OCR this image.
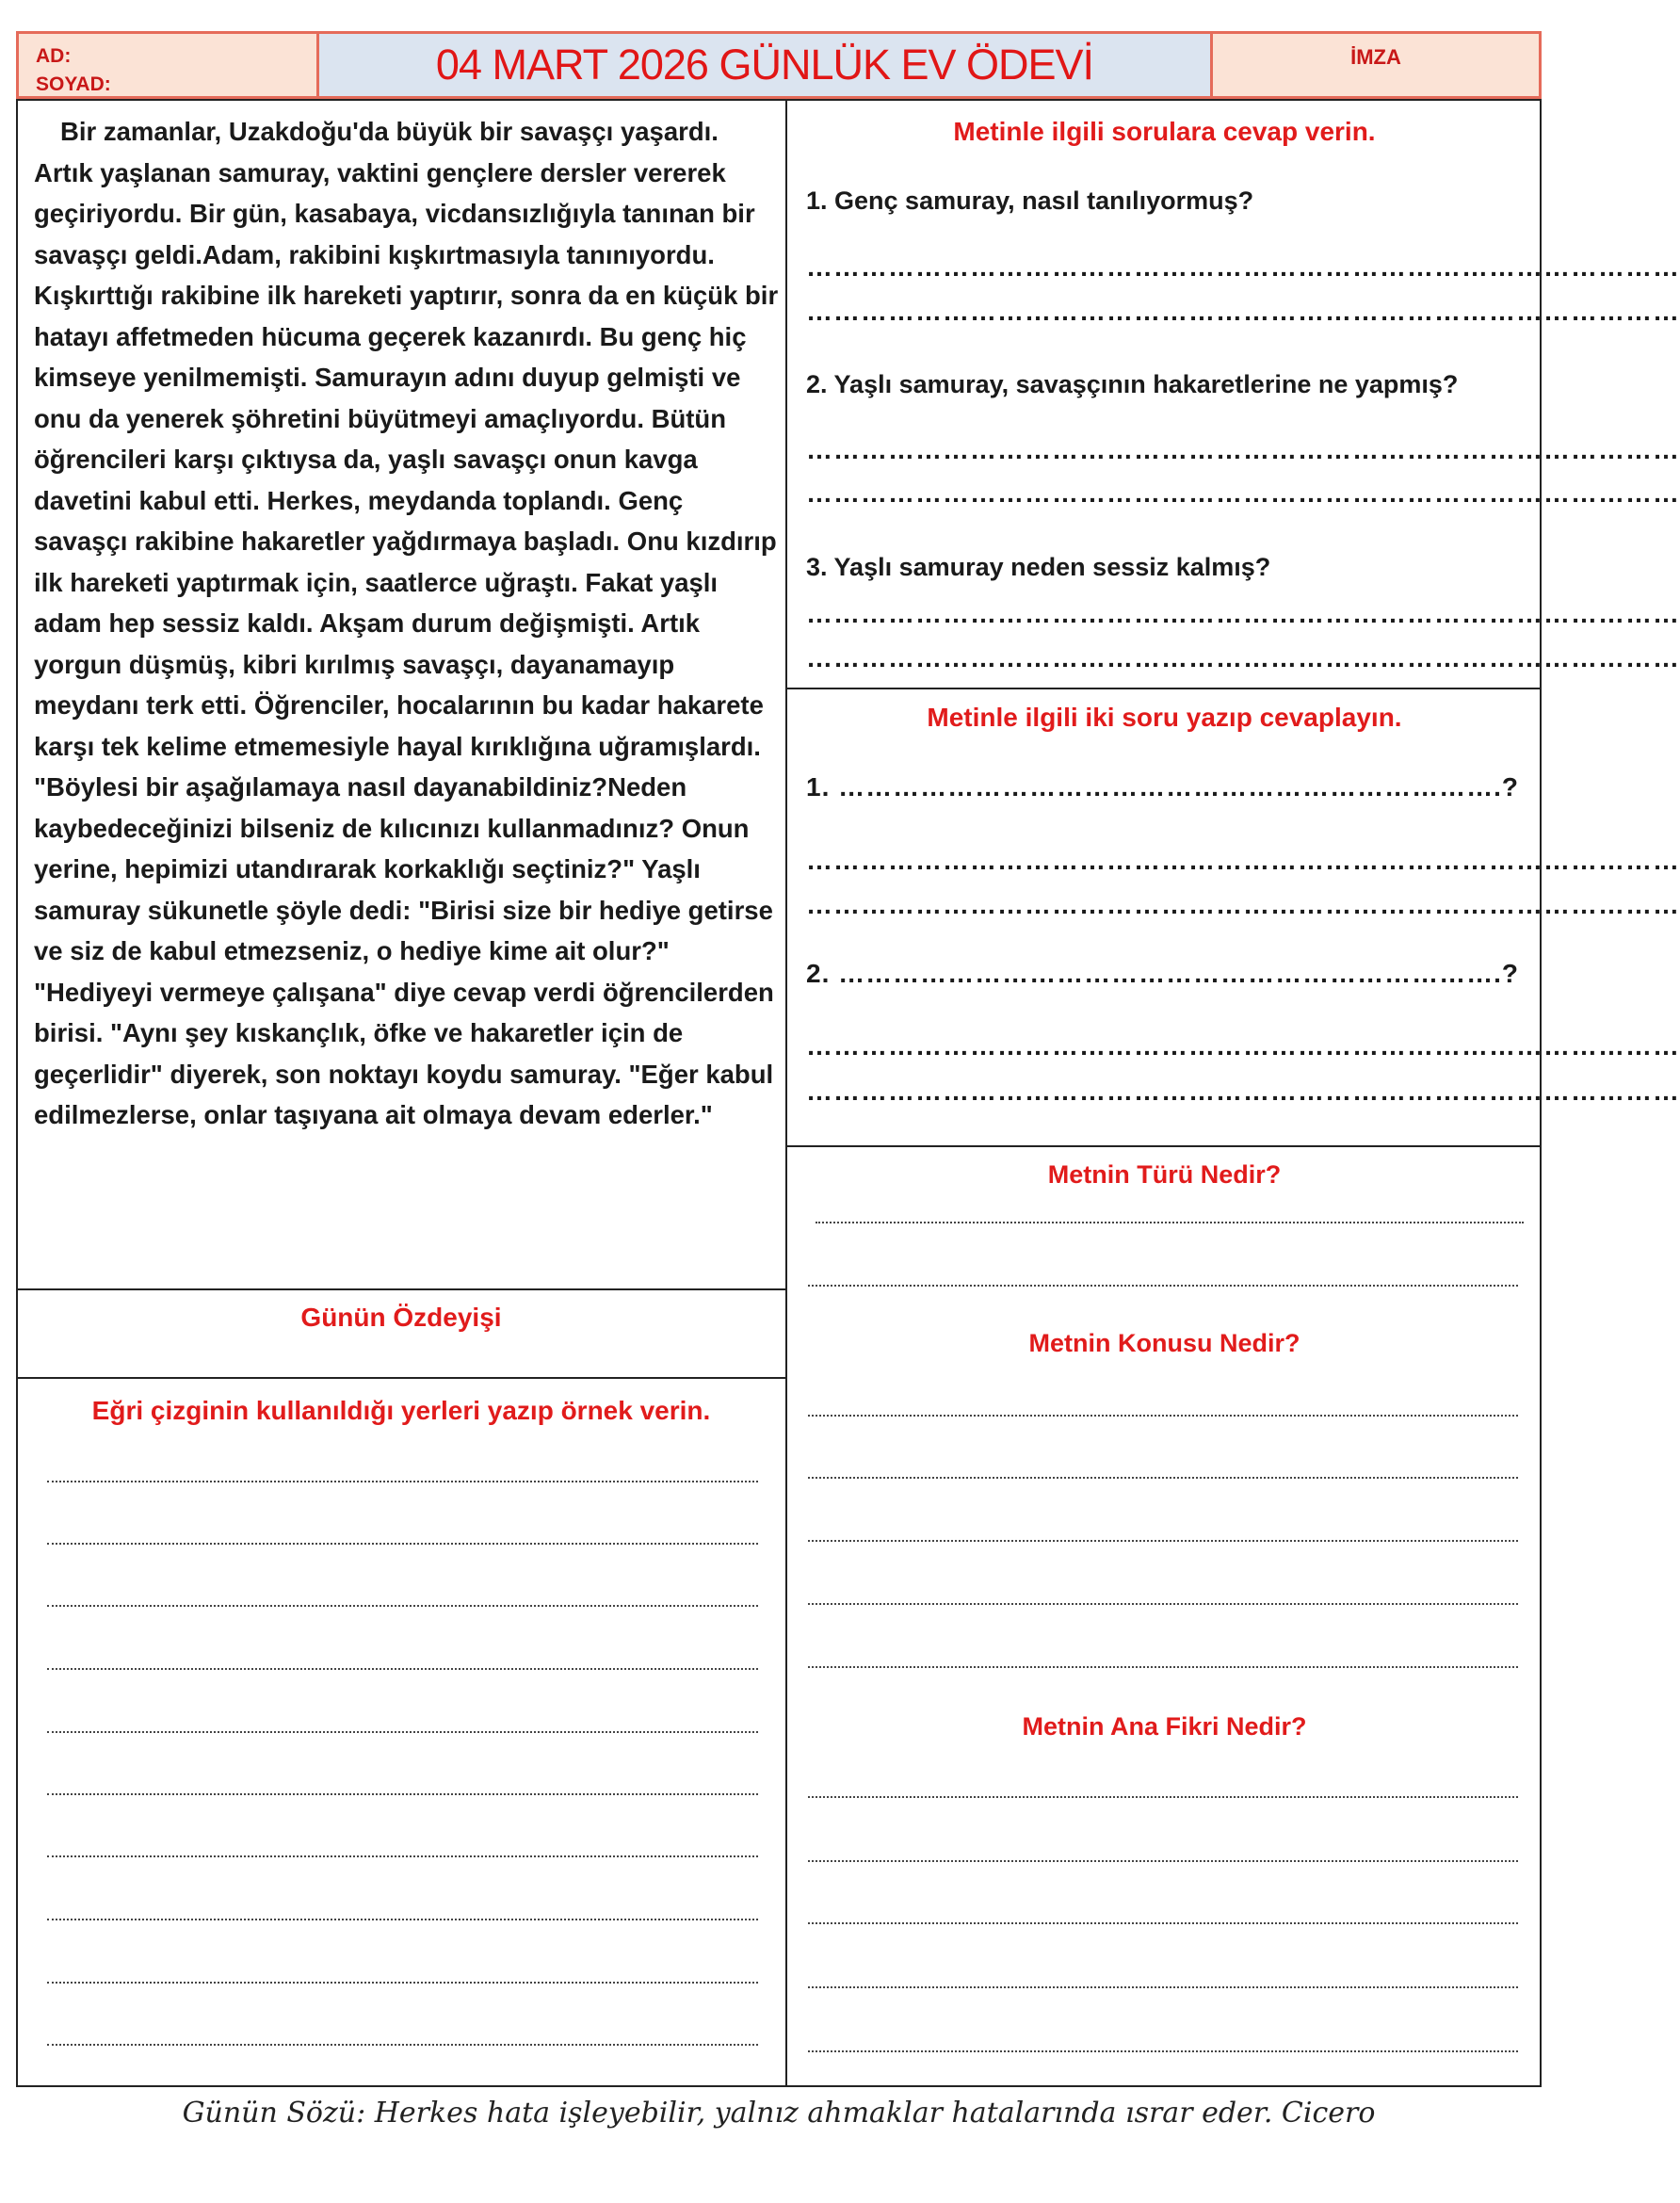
AD:
SOYAD:	04 MART 2026 GÜNLÜK EV ÖDEVİ	İMZA

Bir zamanlar, Uzakdoğu'da büyük bir savaşçı yaşardı. Artık yaşlanan samuray, vaktini gençlere dersler vererek geçiriyordu. Bir gün, kasabaya, vicdansızlığıyla tanınan bir savaşçı geldi.Adam, rakibini kışkırtmasıyla tanınıyordu. Kışkırttığı rakibine ilk hareketi yaptırır, sonra da en küçük bir hatayı affetmeden hücuma geçerek kazanırdı. Bu genç hiç kimseye yenilmemişti. Samurayın adını duyup gelmişti ve onu da yenerek şöhretini büyütmeyi amaçlıyordu. Bütün öğrencileri karşı çıktıysa da, yaşlı savaşçı onun kavga davetini kabul etti. Herkes, meydanda toplandı. Genç savaşçı rakibine hakaretler yağdırmaya başladı. Onu kızdırıp ilk hareketi yaptırmak için, saatlerce uğraştı. Fakat yaşlı adam hep sessiz kaldı. Akşam durum değişmişti. Artık yorgun düşmüş, kibri kırılmış savaşçı, dayanamayıp meydanı terk etti. Öğrenciler, hocalarının bu kadar hakarete karşı tek kelime etmemesiyle hayal kırıklığına uğramışlardı. "Böylesi bir aşağılamaya nasıl dayanabildiniz?Neden kaybedeceğinizi bilseniz de kılıcınızı kullanmadınız? Onun yerine, hepimizi utandırarak korkaklığı seçtiniz?" Yaşlı samuray sükunetle şöyle dedi: "Birisi size bir hediye getirse ve siz de kabul etmezseniz, o hediye kime ait olur?" "Hediyeyi vermeye çalışana" diye cevap verdi öğrencilerden birisi. "Aynı şey kıskançlık, öfke ve hakaretler için de geçerlidir" diyerek, son noktayı koydu samuray. "Eğer kabul edilmezlerse, onlar taşıyana ait olmaya devam ederler."

Günün Özdeyişi
Eğri çizginin kullanıldığı yerleri yazıp örnek verin.
Metinle ilgili sorulara cevap verin.
1. Genç samuray, nasıl tanılıyormuş?
……………………………………………………………………………………
……………………………………………………………………………………
2. Yaşlı samuray, savaşçının hakaretlerine ne yapmış?
……………………………………………………………………………………
……………………………………………………………………………………
3. Yaşlı samuray neden sessiz kalmış?
……………………………………………………………………………………
……………………………………………………………………………………
Metinle ilgili iki soru yazıp cevaplayın.
1. ……………………………………………………………….?
……………………………………………………………………………………
……………………………………………………………………………………
2. ……………………………………………………………….?
……………………………………………………………………………………
……………………………………………………………………………………
Metnin Türü Nedir?
Metnin Konusu Nedir?
Metnin Ana Fikri Nedir?
Günün Sözü: Herkes hata işleyebilir, yalnız ahmaklar hatalarında ısrar eder. Cicero
